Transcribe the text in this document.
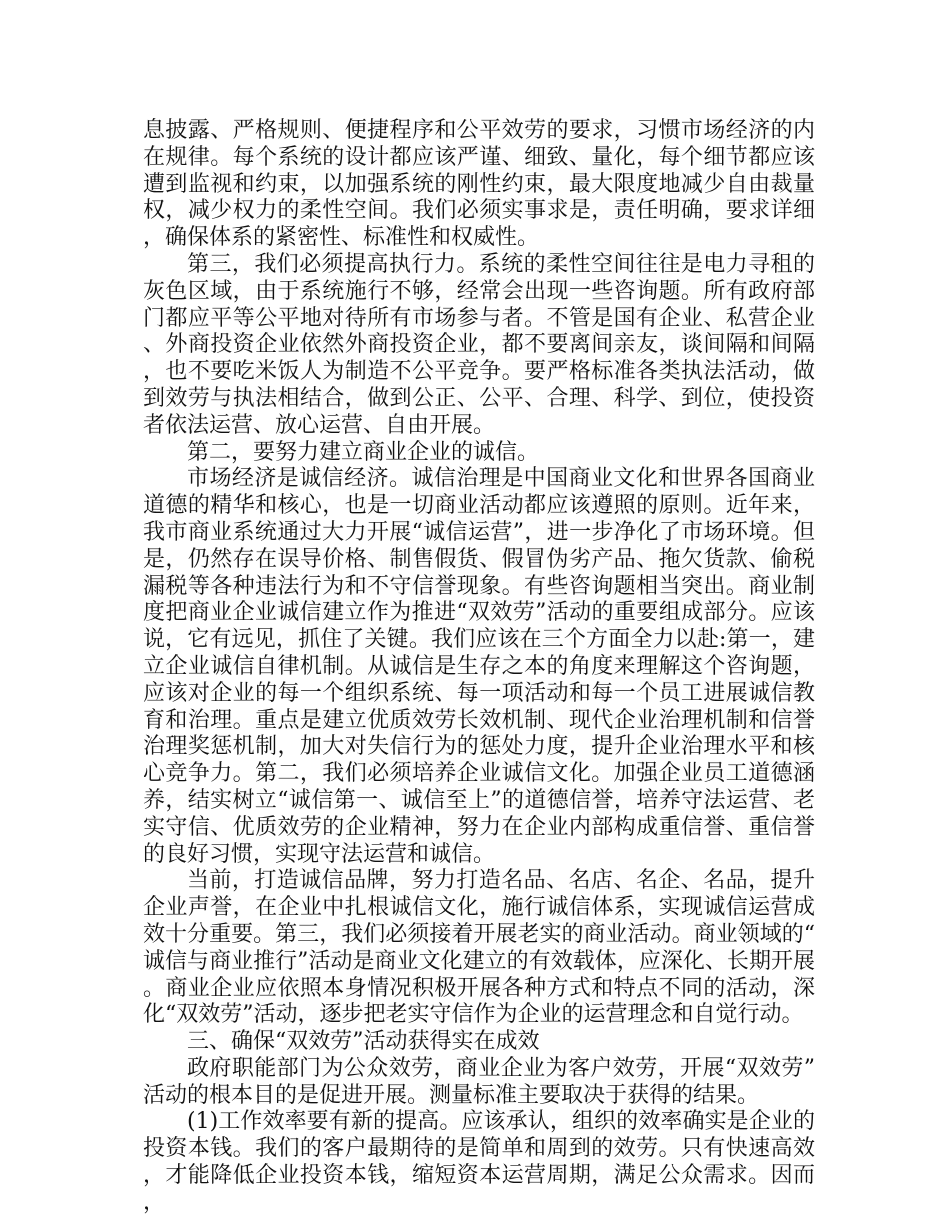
息披露、严格规则、便捷程序和公平效劳的要求，习惯市场经济的内在规律。每个系统的设计都应该严谨、细致、量化，每个细节都应该遭到监视和约束，以加强系统的刚性约束，最大限度地减少自由裁量权，减少权力的柔性空间。我们必须实事求是，责任明确，要求详细，确保体系的紧密性、标准性和权威性。

第三，我们必须提高执行力。系统的柔性空间往往是电力寻租的灰色区域，由于系统施行不够，经常会出现一些咨询题。所有政府部门都应平等公平地对待所有市场参与者。不管是国有企业、私营企业、外商投资企业依然外商投资企业，都不要离间亲友，谈间隔和间隔，也不要吃米饭人为制造不公平竞争。要严格标准各类执法活动，做到效劳与执法相结合，做到公正、公平、合理、科学、到位，使投资者依法运营、放心运营、自由开展。

第二，要努力建立商业企业的诚信。

市场经济是诚信经济。诚信治理是中国商业文化和世界各国商业道德的精华和核心，也是一切商业活动都应该遵照的原则。近年来，我市商业系统通过大力开展“诚信运营”，进一步净化了市场环境。但是，仍然存在误导价格、制售假货、假冒伪劣产品、拖欠货款、偷税漏税等各种违法行为和不守信誉现象。有些咨询题相当突出。商业制度把商业企业诚信建立作为推进“双效劳”活动的重要组成部分。应该说，它有远见，抓住了关键。我们应该在三个方面全力以赴:第一，建立企业诚信自律机制。从诚信是生存之本的角度来理解这个咨询题，应该对企业的每一个组织系统、每一项活动和每一个员工进展诚信教育和治理。重点是建立优质效劳长效机制、现代企业治理机制和信誉治理奖惩机制，加大对失信行为的惩处力度，提升企业治理水平和核心竞争力。第二，我们必须培养企业诚信文化。加强企业员工道德涵养，结实树立“诚信第一、诚信至上”的道德信誉，培养守法运营、老实守信、优质效劳的企业精神，努力在企业内部构成重信誉、重信誉的良好习惯，实现守法运营和诚信。

当前，打造诚信品牌，努力打造名品、名店、名企、名品，提升企业声誉，在企业中扎根诚信文化，施行诚信体系，实现诚信运营成效十分重要。第三，我们必须接着开展老实的商业活动。商业领域的“诚信与商业推行”活动是商业文化建立的有效载体，应深化、长期开展。商业企业应依照本身情况积极开展各种方式和特点不同的活动，深化“双效劳”活动，逐步把老实守信作为企业的运营理念和自觉行动。

三、确保“双效劳”活动获得实在成效

政府职能部门为公众效劳，商业企业为客户效劳，开展“双效劳”活动的根本目的是促进开展。测量标准主要取决于获得的结果。

(1)工作效率要有新的提高。应该承认，组织的效率确实是企业的投资本钱。我们的客户最期待的是简单和周到的效劳。只有快速高效，才能降低企业投资本钱，缩短资本运营周期，满足公众需求。因而，
